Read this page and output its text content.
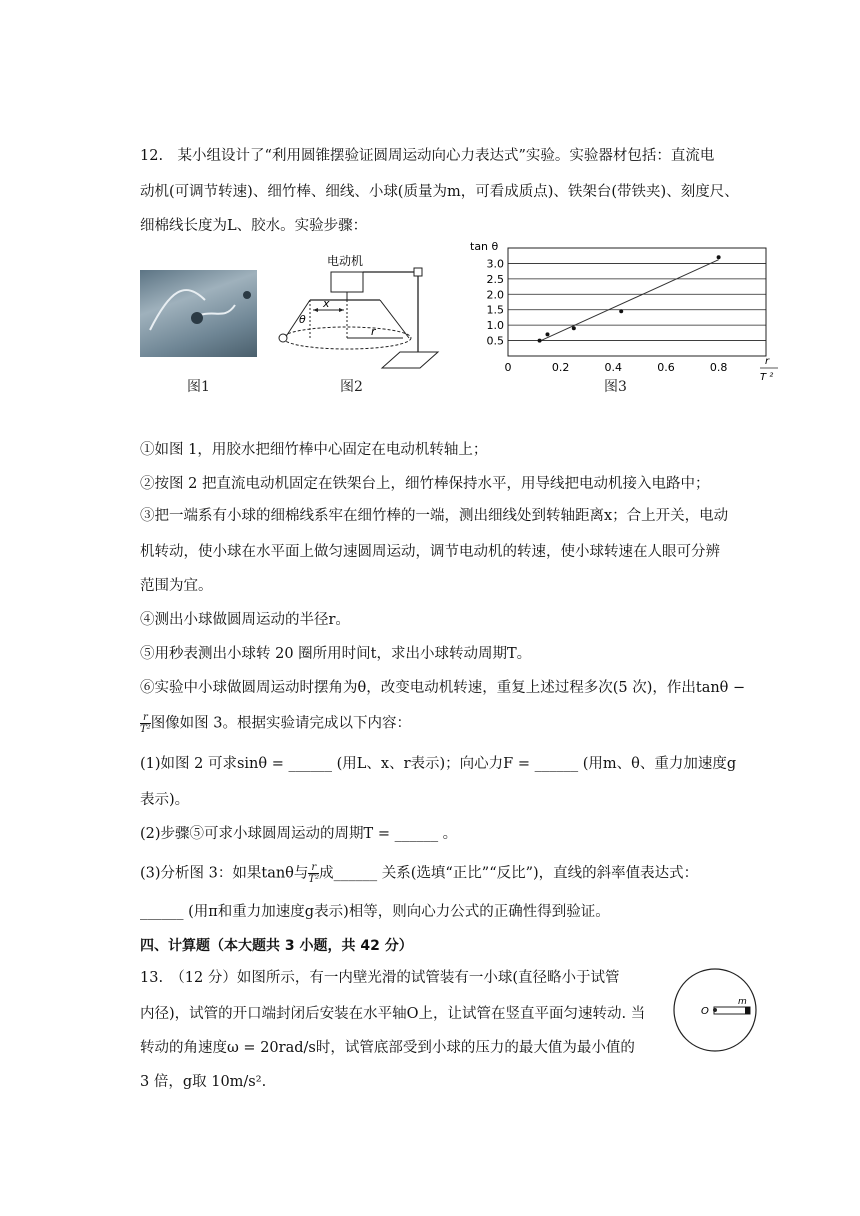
12.　某小组设计了“利用圆锥摆验证圆周运动向心力表达式”实验。实验器材包括：直流电
动机(可调节转速)、细竹棒、细线、小球(质量为m，可看成质点)、铁架台(带铁夹)、刻度尺、
细棉线长度为L、胶水。实验步骤：
图1
电动机
θ
x
r
图2
0.5
1.0
1.5
2.0
2.5
3.0
0	0.2	0.4	0.6	0.8
tan θ
r
T ²
图3
①如图 1，用胶水把细竹棒中心固定在电动机转轴上；
②按图 2 把直流电动机固定在铁架台上，细竹棒保持水平，用导线把电动机接入电路中；
③把一端系有小球的细棉线系牢在细竹棒的一端，测出细线处到转轴距离x；合上开关，电动
机转动，使小球在水平面上做匀速圆周运动，调节电动机的转速，使小球转速在人眼可分辨
范围为宜。
④测出小球做圆周运动的半径r。
⑤用秒表测出小球转 20 圈所用时间t，求出小球转动周期T。
⑥实验中小球做圆周运动时摆角为θ，改变电动机转速，重复上述过程多次(5 次)，作出tanθ −
$\frac{r}{\text{T²}}$ 图像如图 3。根据实验请完成以下内容：
(1)如图 2 可求sinθ = ______ (用L、x、r表示)；向心力F = ______ (用m、θ、重力加速度g
表示)。
(2)步骤⑤可求小球圆周运动的周期T = ______ 。
(3)分析图 3：如果tanθ与 $\frac{r}{\text{T²}}$ 成______ 关系(选填“正比”“反比”)，直线的斜率值表达式：
______ (用π和重力加速度g表示)相等，则向心力公式的正确性得到验证。
四、计算题（本大题共 3 小题，共 42 分）
13.　（12 分）如图所示，有一内壁光滑的试管装有一小球(直径略小于试管
内径)，试管的开口端封闭后安装在水平轴O上，让试管在竖直平面匀速转动. 当
转动的角速度ω = 20rad/s时，试管底部受到小球的压力的最大值为最小值的
3 倍，g取 10m/s².
O
m
